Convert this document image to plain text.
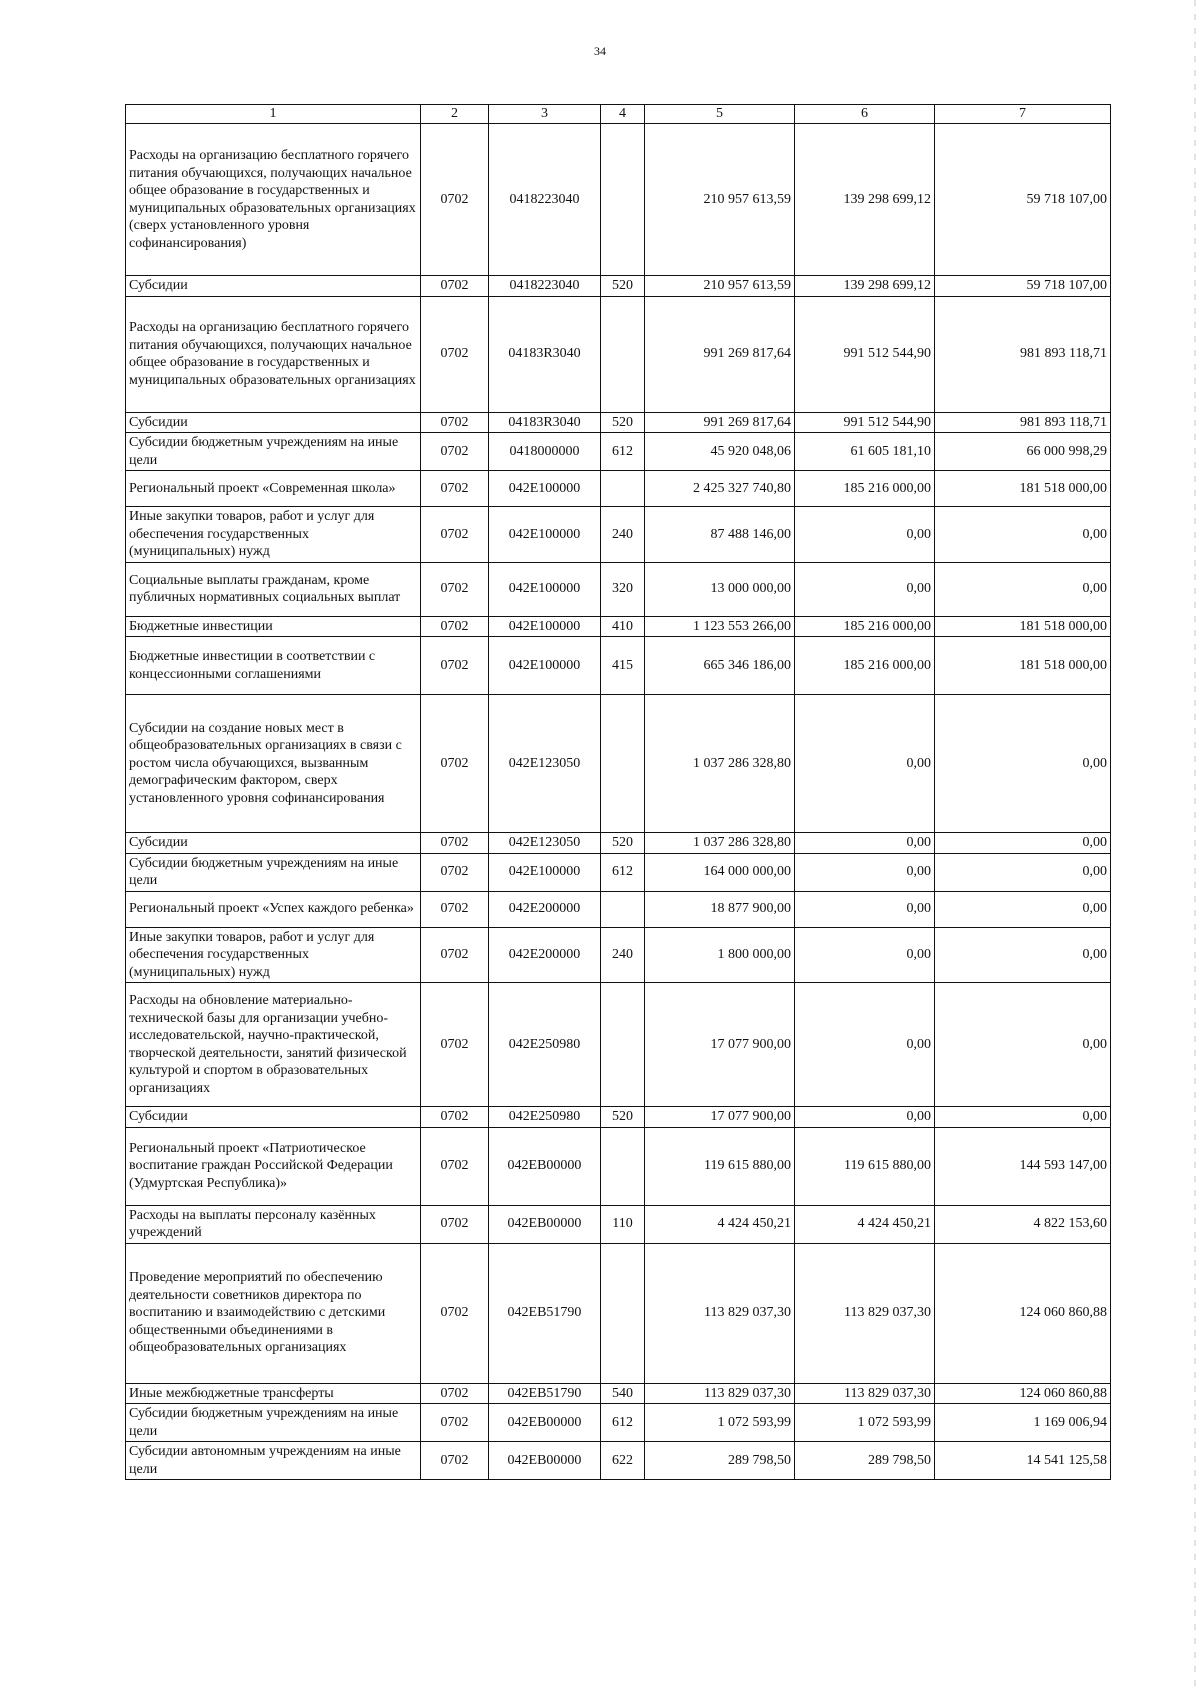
34
1	2	3	4	5	6	7
Расходы на организацию бесплатного горячего питания обучающихся, получающих начальное общее образование в государственных и муниципальных образовательных организациях (сверх установленного уровня софинансирования)	0702	0418223040		210 957 613,59	139 298 699,12	59 718 107,00
Субсидии	0702	0418223040	520	210 957 613,59	139 298 699,12	59 718 107,00
Расходы на организацию бесплатного горячего питания обучающихся, получающих начальное общее образование в государственных и муниципальных образовательных организациях	0702	04183R3040		991 269 817,64	991 512 544,90	981 893 118,71
Субсидии	0702	04183R3040	520	991 269 817,64	991 512 544,90	981 893 118,71
Субсидии бюджетным учреждениям на иные цели	0702	0418000000	612	45 920 048,06	61 605 181,10	66 000 998,29
Региональный проект «Современная школа»	0702	042E100000		2 425 327 740,80	185 216 000,00	181 518 000,00
Иные закупки товаров, работ и услуг для обеспечения государственных (муниципальных) нужд	0702	042E100000	240	87 488 146,00	0,00	0,00
Социальные выплаты гражданам, кроме публичных нормативных социальных выплат	0702	042E100000	320	13 000 000,00	0,00	0,00
Бюджетные инвестиции	0702	042E100000	410	1 123 553 266,00	185 216 000,00	181 518 000,00
Бюджетные инвестиции в соответствии с концессионными соглашениями	0702	042E100000	415	665 346 186,00	185 216 000,00	181 518 000,00
Субсидии на создание новых мест в общеобразовательных организациях в связи с ростом числа обучающихся, вызванным демографическим фактором, сверх установленного уровня софинансирования	0702	042E123050		1 037 286 328,80	0,00	0,00
Субсидии	0702	042E123050	520	1 037 286 328,80	0,00	0,00
Субсидии бюджетным учреждениям на иные цели	0702	042E100000	612	164 000 000,00	0,00	0,00
Региональный проект «Успех каждого ребенка»	0702	042E200000		18 877 900,00	0,00	0,00
Иные закупки товаров, работ и услуг для обеспечения государственных (муниципальных) нужд	0702	042E200000	240	1 800 000,00	0,00	0,00
Расходы на обновление материально-технической базы для организации учебно-исследовательской, научно-практической, творческой деятельности, занятий физической культурой и спортом в образовательных организациях	0702	042E250980		17 077 900,00	0,00	0,00
Субсидии	0702	042E250980	520	17 077 900,00	0,00	0,00
Региональный проект «Патриотическое воспитание граждан Российской Федерации (Удмуртская Республика)»	0702	042EB00000		119 615 880,00	119 615 880,00	144 593 147,00
Расходы на выплаты персоналу казённых учреждений	0702	042EB00000	110	4 424 450,21	4 424 450,21	4 822 153,60
Проведение мероприятий по обеспечению деятельности советников директора по воспитанию и взаимодействию с детскими общественными объединениями в общеобразовательных организациях	0702	042EB51790		113 829 037,30	113 829 037,30	124 060 860,88
Иные межбюджетные трансферты	0702	042EB51790	540	113 829 037,30	113 829 037,30	124 060 860,88
Субсидии бюджетным учреждениям на иные цели	0702	042EB00000	612	1 072 593,99	1 072 593,99	1 169 006,94
Субсидии автономным учреждениям на иные цели	0702	042EB00000	622	289 798,50	289 798,50	14 541 125,58
